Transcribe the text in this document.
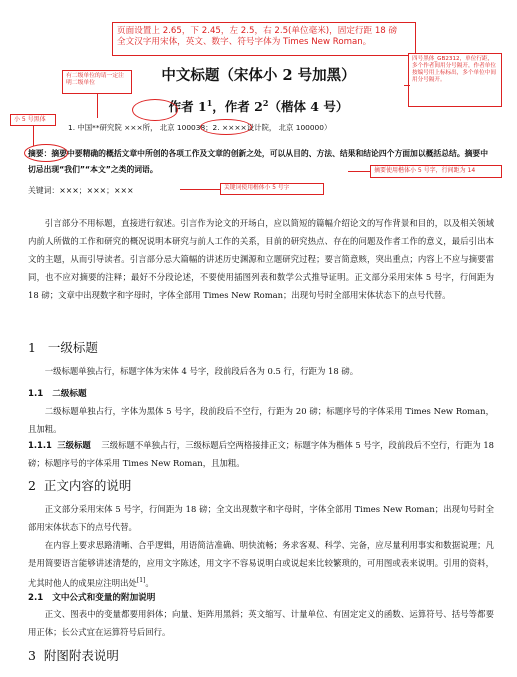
页面设置上 2.65，下 2.45，左 2.5，右 2.5(单位毫米)，固定行距 18 磅
全文汉字用宋体，英文、数字、符号字体为 Times New Roman。
有二级单位的请一定注明二级单位
四号黑体_GB2312，单位行距，多个作者间用分号隔开，作者单位按编号用上标标出，多个单位中间用分号隔开。
中文标题（宋体小 2 号加黑）
作者 $1^1$，作者 $2^2$（楷体 4 号）
小 5 号黑体
1. 中国**研究院 ×××所， 北京 100038；2. ××××设计院， 北京 100000）
摘要：摘要中要精确的概括文章中所创的各项工作及文章的创新之处，可以从目的、方法、结果和结论四个方面加以概括总结。摘要中切忌出现“我们”“本文”之类的词语。	摘要使用楷体小 5 号字，行间距为 14
关键词：×××；×××；×××	关键词使用楷体小 5 号字
引言部分不用标题，直接进行叙述。引言作为论文的开场白，应以简短的篇幅介绍论文的写作背景和目的，以及相关领域内前人所做的工作和研究的概况说明本研究与前人工作的关系，目前的研究热点、存在的问题及作者工作的意义，最后引出本文的主题，从而引导读者。引言部分忌大篇幅的讲述历史渊源和立题研究过程；要言简意赅，突出重点；内容上不应与摘要雷同，也不应对摘要的注释；最好不分段论述，不要使用插图列表和数学公式推导证明。正文部分采用宋体 5 号字，行间距为 18 磅；文章中出现数字和字母时，字体全部用 Times New Roman；出现句号时全部用宋体状态下的点号代替。
1 一级标题
一级标题单独占行，标题字体为宋体 4 号字，段前段后各为 0.5 行，行距为 18 磅。
1.1 二级标题
二级标题单独占行，字体为黑体 5 号字，段前段后不空行，行距为 20 磅；标题序号的字体采用 Times New Roman，且加粗。
1.1.1 三级标题 三级标题不单独占行，三级标题后空两格接排正文；标题字体为楷体 5 号字，段前段后不空行，行距为 18 磅；标题序号的字体采用 Times New Roman，且加粗。
2 正文内容的说明
正文部分采用宋体 5 号字，行间距为 18 磅；全文出现数字和字母时，字体全部用 Times New Roman；出现句号时全部用宋体状态下的点号代替。
在内容上要求思路清晰、合乎逻辑，用语简洁准确、明快流畅；务求客观、科学、完备，应尽量利用事实和数据说理；凡是用简要语言能够讲述清楚的，应用文字陈述，用文字不容易说明白或说起来比较繁琐的，可用图或表来说明。引用的资料，尤其时他人的成果应注明出处[1]。
2.1 文中公式和变量的附加说明
正文、图表中的变量都要用斜体；向量、矩阵用黑斜；英文缩写、计量单位、有固定定义的函数、运算符号、括号等都要用正体；长公式宜在运算符号后回行。
3 附图附表说明
